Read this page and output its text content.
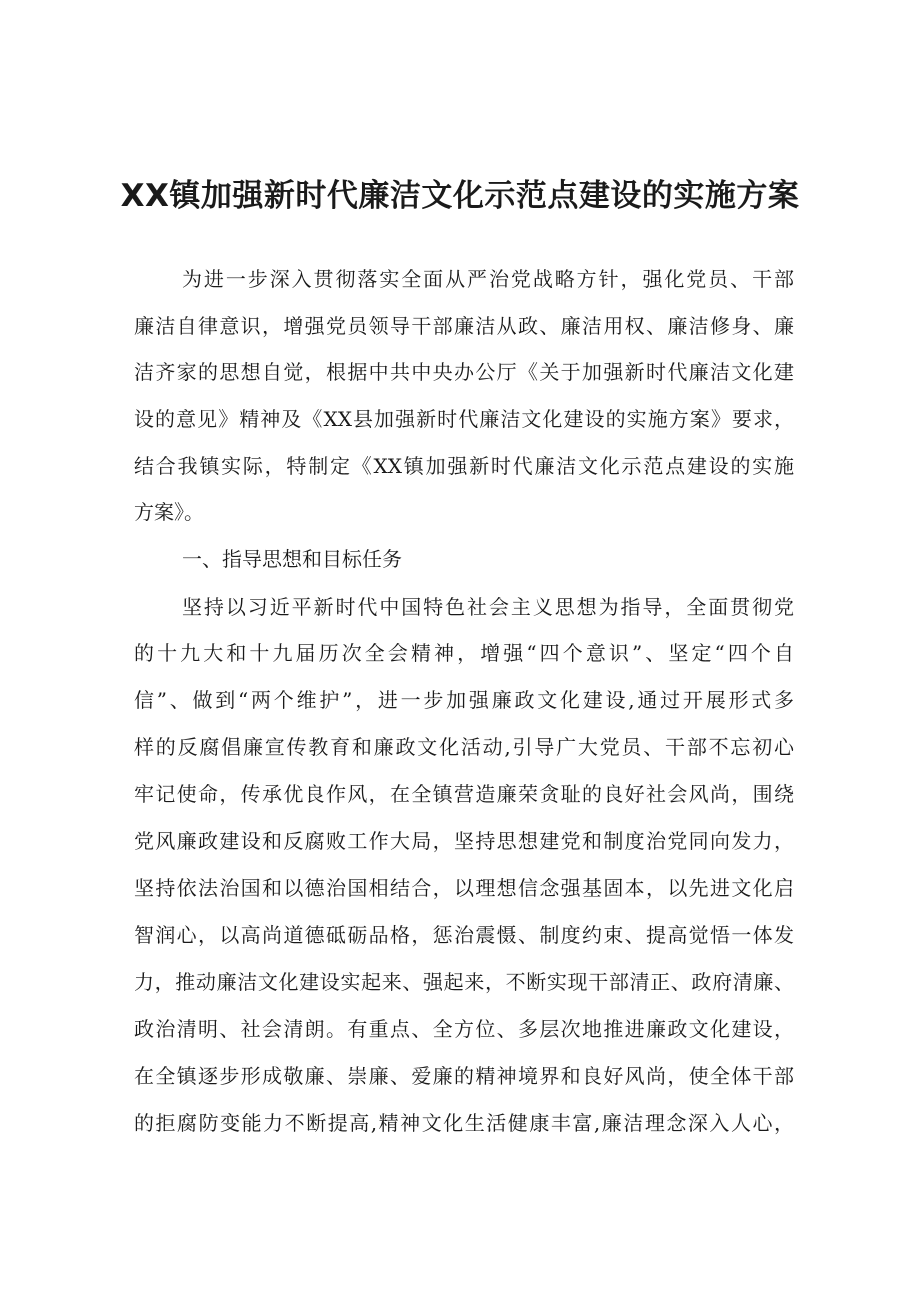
XX镇加强新时代廉洁文化示范点建设的实施方案
为进一步深入贯彻落实全面从严治党战略方针，强化党员、干部
廉洁自律意识，增强党员领导干部廉洁从政、廉洁用权、廉洁修身、廉
洁齐家的思想自觉，根据中共中央办公厅《关于加强新时代廉洁文化建
设的意见》精神及《XX县加强新时代廉洁文化建设的实施方案》要求，
结合我镇实际，特制定《XX镇加强新时代廉洁文化示范点建设的实施
方案》。
一、指导思想和目标任务
坚持以习近平新时代中国特色社会主义思想为指导，全面贯彻党
的十九大和十九届历次全会精神，增强“四个意识”、坚定“四个自
信”、做到“两个维护”，进一步加强廉政文化建设,通过开展形式多
样的反腐倡廉宣传教育和廉政文化活动,引导广大党员、干部不忘初心
牢记使命，传承优良作风，在全镇营造廉荣贪耻的良好社会风尚，围绕
党风廉政建设和反腐败工作大局，坚持思想建党和制度治党同向发力，
坚持依法治国和以德治国相结合，以理想信念强基固本，以先进文化启
智润心，以高尚道德砥砺品格，惩治震慑、制度约束、提高觉悟一体发
力，推动廉洁文化建设实起来、强起来，不断实现干部清正、政府清廉、
政治清明、社会清朗。有重点、全方位、多层次地推进廉政文化建设，
在全镇逐步形成敬廉、崇廉、爱廉的精神境界和良好风尚，使全体干部
的拒腐防变能力不断提高,精神文化生活健康丰富,廉洁理念深入人心，
